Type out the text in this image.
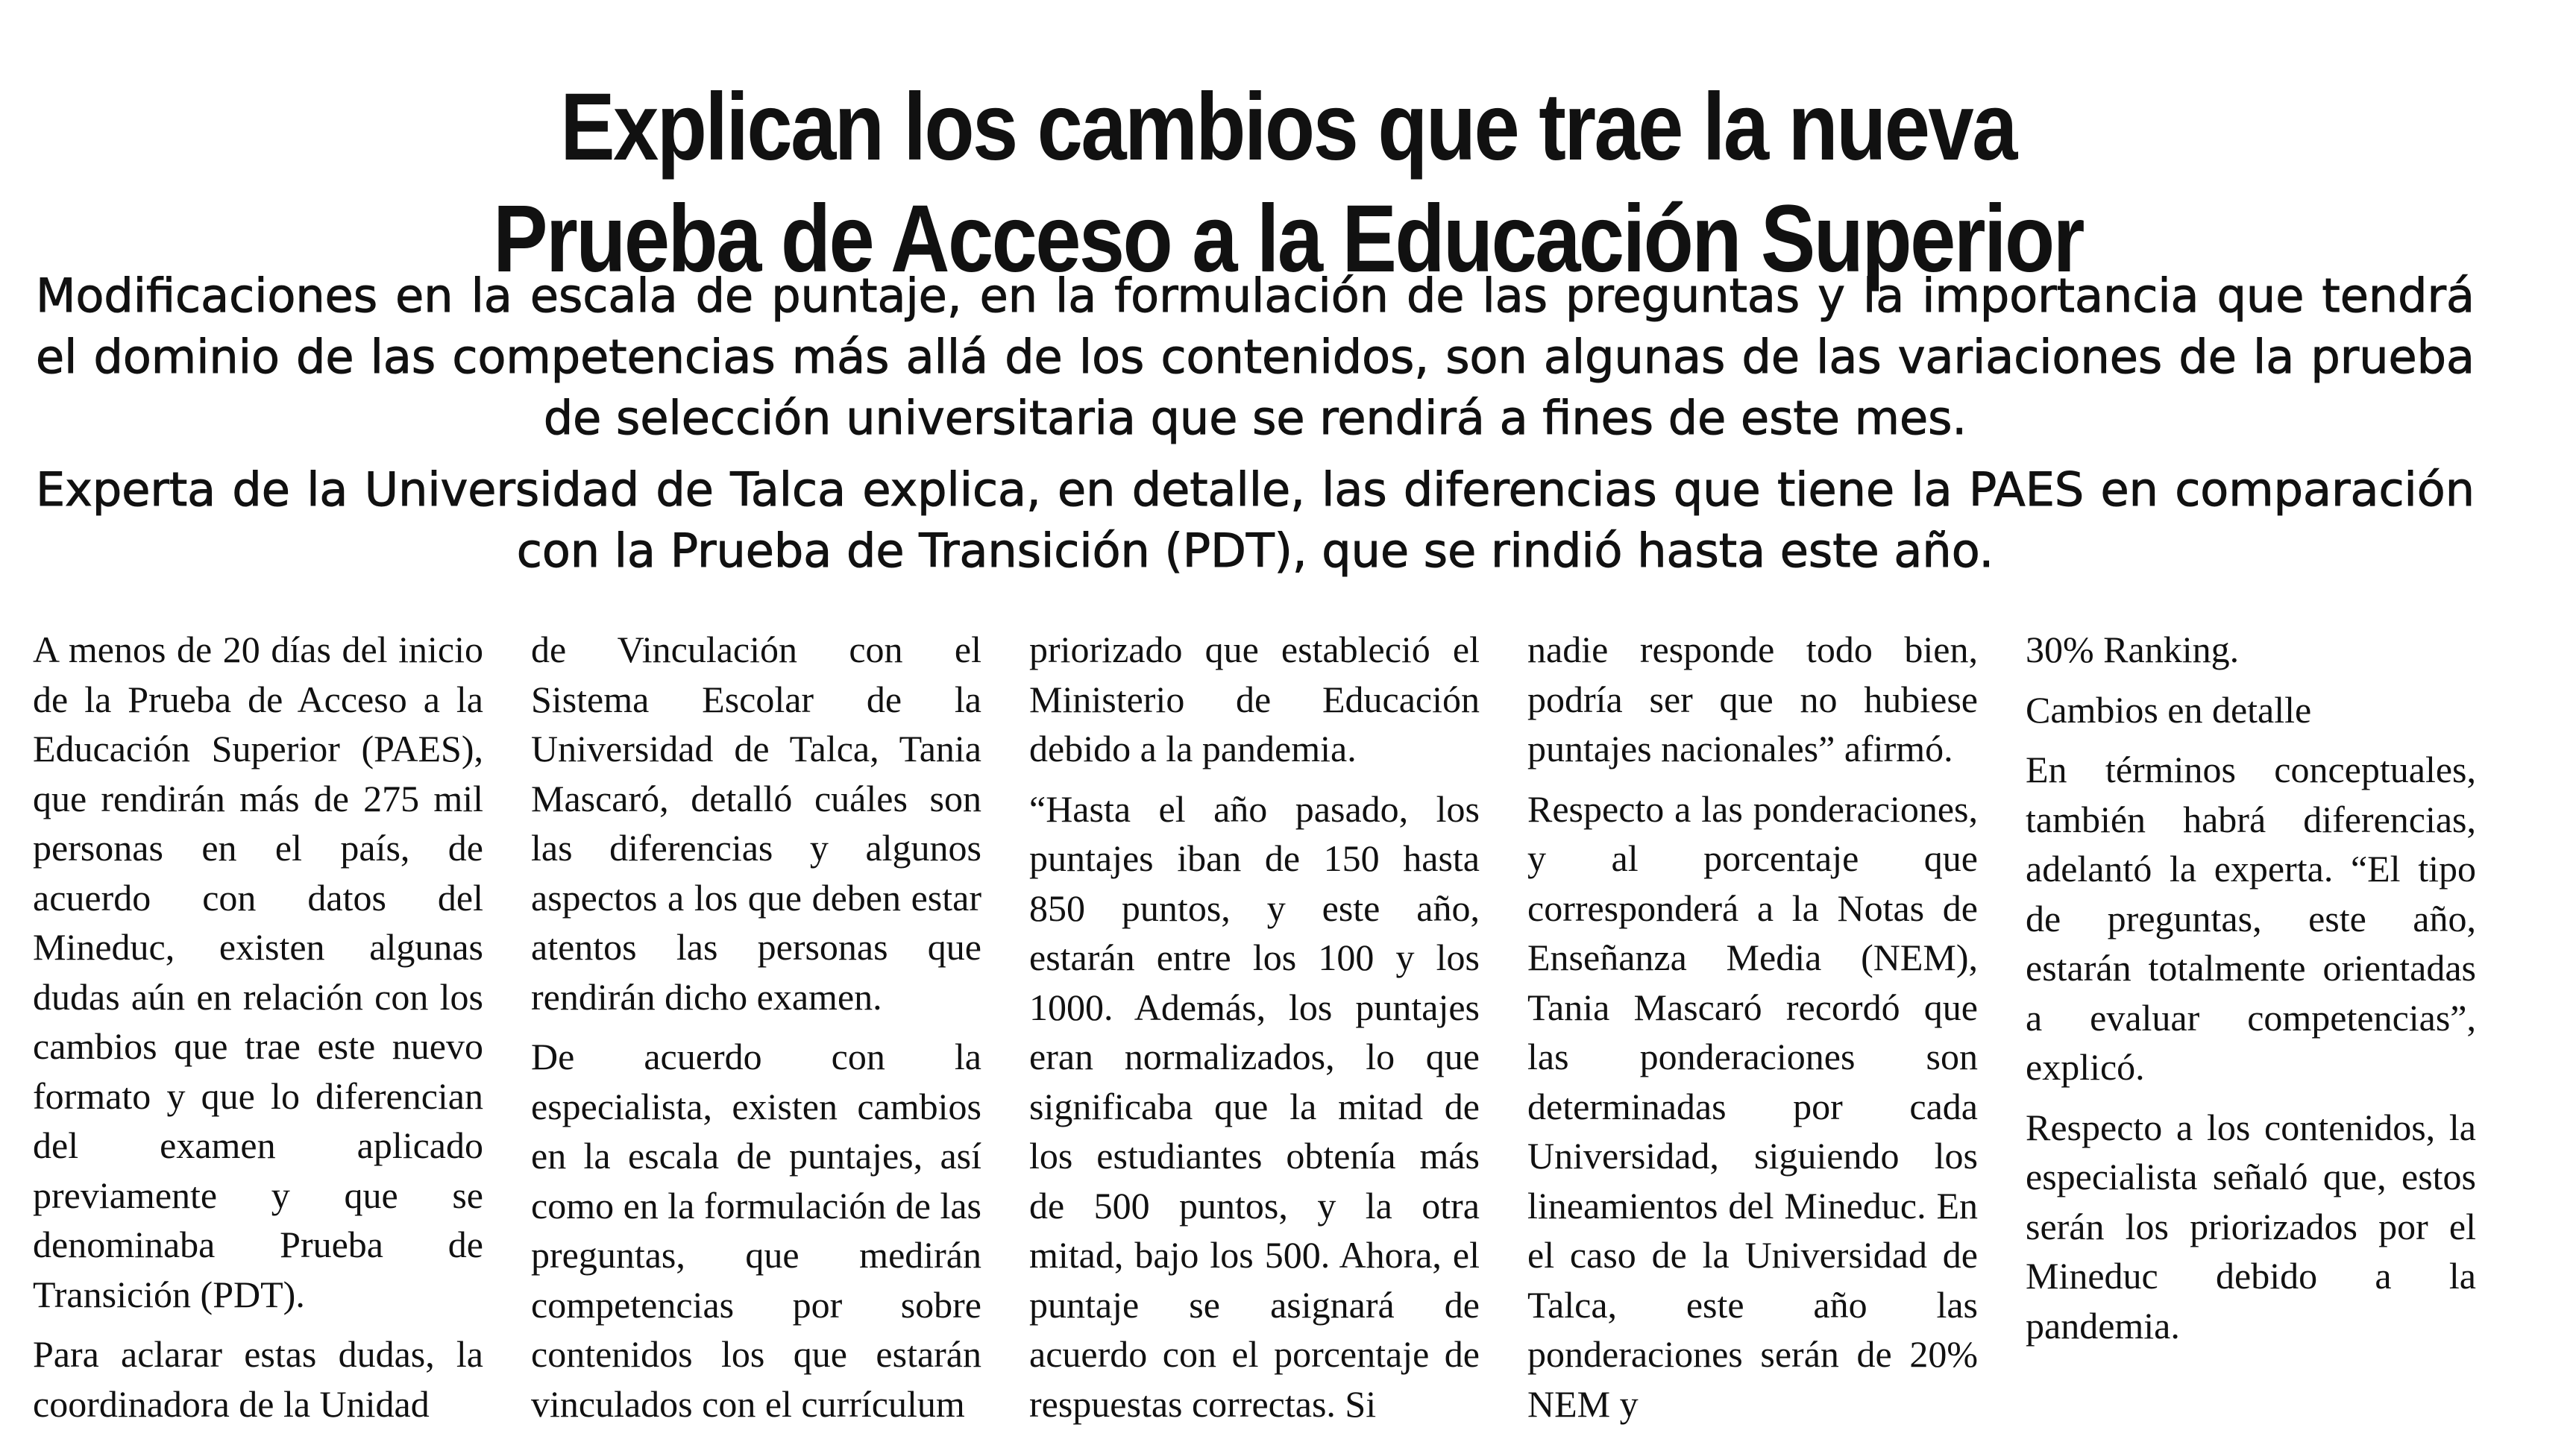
Explican los cambios que trae la nueva
Prueba de Acceso a la Educación Superior
Modificaciones en la escala de puntaje, en la formulación de las preguntas y la importancia que tendrá el dominio de las competencias más allá de los contenidos, son algunas de las variaciones de la prueba de selección universitaria que se rendirá a fines de este mes.
Experta de la Universidad de Talca explica, en detalle, las diferencias que tiene la PAES en comparación con la Prueba de Transición (PDT), que se rindió hasta este año.

A menos de 20 días del inicio de la Prueba de Acceso a la Educación Superior (PAES), que rendirán más de 275 mil personas en el país, de acuerdo con datos del Mineduc, existen algunas dudas aún en relación con los cambios que trae este nuevo formato y que lo diferencian del examen aplicado previamente y que se denominaba Prueba de Transición (PDT).

Para aclarar estas dudas, la coordinadora de la Unidad

de Vinculación con el Sistema Escolar de la Universidad de Talca, Tania Mascaró, detalló cuáles son las diferencias y algunos aspectos a los que deben estar atentos las personas que rendirán dicho examen.

De acuerdo con la especialista, existen cambios en la escala de puntajes, así como en la formulación de las preguntas, que medirán competencias por sobre contenidos los que estarán vinculados con el currículum

priorizado que estableció el Ministerio de Educación debido a la pandemia.

“Hasta el año pasado, los puntajes iban de 150 hasta 850 puntos, y este año, estarán entre los 100 y los 1000. Además, los puntajes eran normalizados, lo que significaba que la mitad de los estudiantes obtenía más de 500 puntos, y la otra mitad, bajo los 500. Ahora, el puntaje se asignará de acuerdo con el porcentaje de respuestas correctas. Si

nadie responde todo bien, podría ser que no hubiese puntajes nacionales” afirmó.

Respecto a las ponderaciones, y al porcentaje que corresponderá a la Notas de Enseñanza Media (NEM), Tania Mascaró recordó que las ponderaciones son determinadas por cada Universidad, siguiendo los lineamientos del Mineduc. En el caso de la Universidad de Talca, este año las ponderaciones serán de 20% NEM y

30% Ranking.

Cambios en detalle

En términos conceptuales, también habrá diferencias, adelantó la experta. “El tipo de preguntas, este año, estarán totalmente orientadas a evaluar competencias”, explicó.

Respecto a los contenidos, la especialista señaló que, estos serán los priorizados por el Mineduc debido a la pandemia.
